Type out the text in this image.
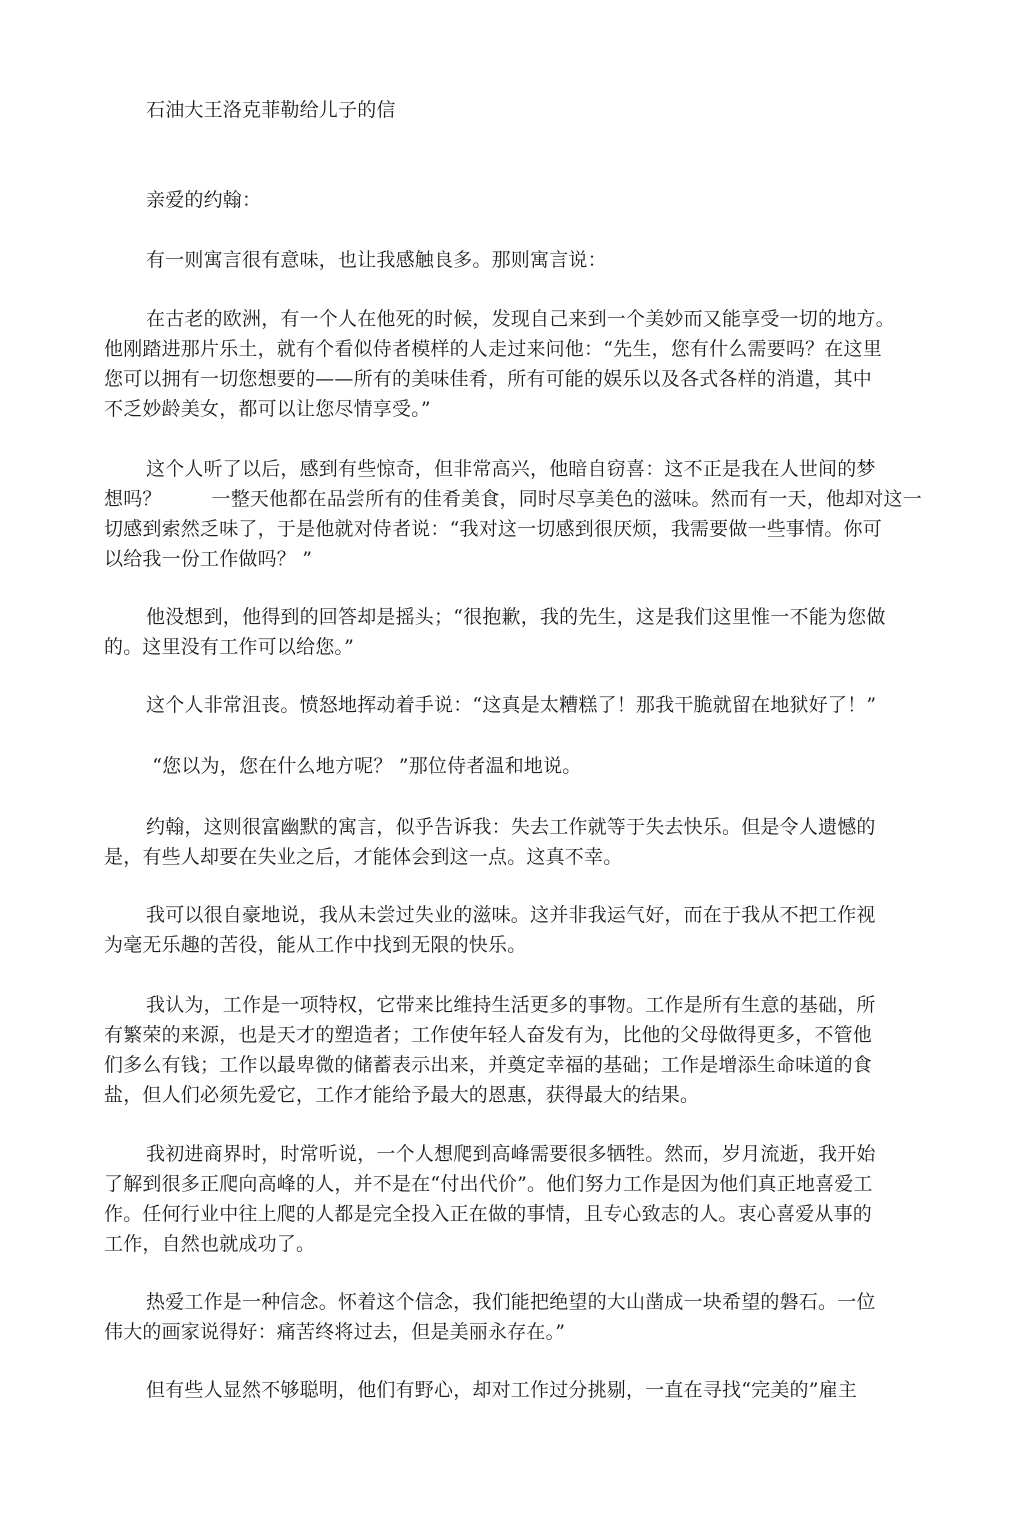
石油大王洛克菲勒给儿子的信
亲爱的约翰：
有一则寓言很有意味，也让我感触良多。那则寓言说：
在古老的欧洲，有一个人在他死的时候，发现自己来到一个美妙而又能享受一切的地方。
他刚踏进那片乐土，就有个看似侍者模样的人走过来问他：“先生，您有什么需要吗？在这里
您可以拥有一切您想要的——所有的美味佳肴，所有可能的娱乐以及各式各样的消遣，其中
不乏妙龄美女，都可以让您尽情享受。”
这个人听了以后，感到有些惊奇，但非常高兴，他暗自窃喜：这不正是我在人世间的梦
想吗？        一整天他都在品尝所有的佳肴美食，同时尽享美色的滋味。然而有一天，他却对这一
切感到索然乏味了，于是他就对侍者说：“我对这一切感到很厌烦，我需要做一些事情。你可
以给我一份工作做吗？ ”
他没想到，他得到的回答却是摇头；“很抱歉，我的先生，这是我们这里惟一不能为您做
的。这里没有工作可以给您。”
这个人非常沮丧。愤怒地挥动着手说：“这真是太糟糕了！那我干脆就留在地狱好了！”
“您以为，您在什么地方呢？ ”那位侍者温和地说。
约翰，这则很富幽默的寓言，似乎告诉我：失去工作就等于失去快乐。但是令人遗憾的
是，有些人却要在失业之后，才能体会到这一点。这真不幸。
我可以很自豪地说，我从未尝过失业的滋味。这并非我运气好，而在于我从不把工作视
为毫无乐趣的苦役，能从工作中找到无限的快乐。
我认为，工作是一项特权，它带来比维持生活更多的事物。工作是所有生意的基础，所
有繁荣的来源，也是天才的塑造者；工作使年轻人奋发有为，比他的父母做得更多，不管他
们多么有钱；工作以最卑微的储蓄表示出来，并奠定幸福的基础；工作是增添生命味道的食
盐，但人们必须先爱它，工作才能给予最大的恩惠，获得最大的结果。
我初进商界时，时常听说，一个人想爬到高峰需要很多牺牲。然而，岁月流逝，我开始
了解到很多正爬向高峰的人，并不是在“付出代价”。他们努力工作是因为他们真正地喜爱工
作。任何行业中往上爬的人都是完全投入正在做的事情，且专心致志的人。衷心喜爱从事的
工作，自然也就成功了。
热爱工作是一种信念。怀着这个信念，我们能把绝望的大山凿成一块希望的磐石。一位
伟大的画家说得好：痛苦终将过去，但是美丽永存在。”
但有些人显然不够聪明，他们有野心，却对工作过分挑剔，一直在寻找“完美的”雇主
